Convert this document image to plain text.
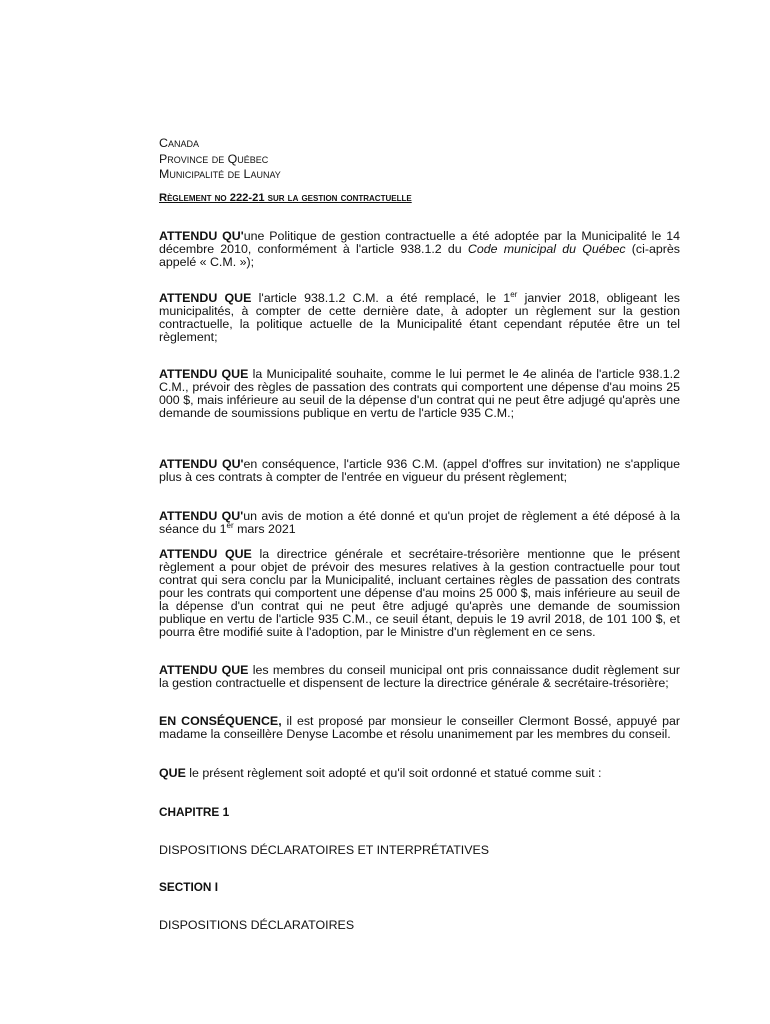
Canada
Province de Québec
Municipalité de Launay
Règlement no 222-21 sur la gestion contractuelle
ATTENDU QU'une Politique de gestion contractuelle a été adoptée par la Municipalité le 14 décembre 2010, conformément à l'article 938.1.2 du Code municipal du Québec (ci-après appelé « C.M. »);
ATTENDU QUE l'article 938.1.2 C.M. a été remplacé, le 1er janvier 2018, obligeant les municipalités, à compter de cette dernière date, à adopter un règlement sur la gestion contractuelle, la politique actuelle de la Municipalité étant cependant réputée être un tel règlement;
ATTENDU QUE la Municipalité souhaite, comme le lui permet le 4e alinéa de l'article 938.1.2 C.M., prévoir des règles de passation des contrats qui comportent une dépense d'au moins 25 000 $, mais inférieure au seuil de la dépense d'un contrat qui ne peut être adjugé qu'après une demande de soumissions publique en vertu de l'article 935 C.M.;
ATTENDU QU'en conséquence, l'article 936 C.M. (appel d'offres sur invitation) ne s'applique plus à ces contrats à compter de l'entrée en vigueur du présent règlement;
ATTENDU QU'un avis de motion a été donné et qu'un projet de règlement a été déposé à la séance du 1er mars 2021
ATTENDU QUE la directrice générale et secrétaire-trésorière mentionne que le présent règlement a pour objet de prévoir des mesures relatives à la gestion contractuelle pour tout contrat qui sera conclu par la Municipalité, incluant certaines règles de passation des contrats pour les contrats qui comportent une dépense d'au moins 25 000 $, mais inférieure au seuil de la dépense d'un contrat qui ne peut être adjugé qu'après une demande de soumission publique en vertu de l'article 935 C.M., ce seuil étant, depuis le 19 avril 2018, de 101 100 $, et pourra être modifié suite à l'adoption, par le Ministre d'un règlement en ce sens.
ATTENDU QUE les membres du conseil municipal ont pris connaissance dudit règlement sur la gestion contractuelle et dispensent de lecture la directrice générale & secrétaire-trésorière;
EN CONSÉQUENCE, il est proposé par monsieur le conseiller Clermont Bossé, appuyé par madame la conseillère Denyse Lacombe et résolu unanimement par les membres du conseil.
QUE le présent règlement soit adopté et qu'il soit ordonné et statué comme suit :
CHAPITRE 1
DISPOSITIONS DÉCLARATOIRES ET INTERPRÉTATIVES
SECTION I
DISPOSITIONS DÉCLARATOIRES
